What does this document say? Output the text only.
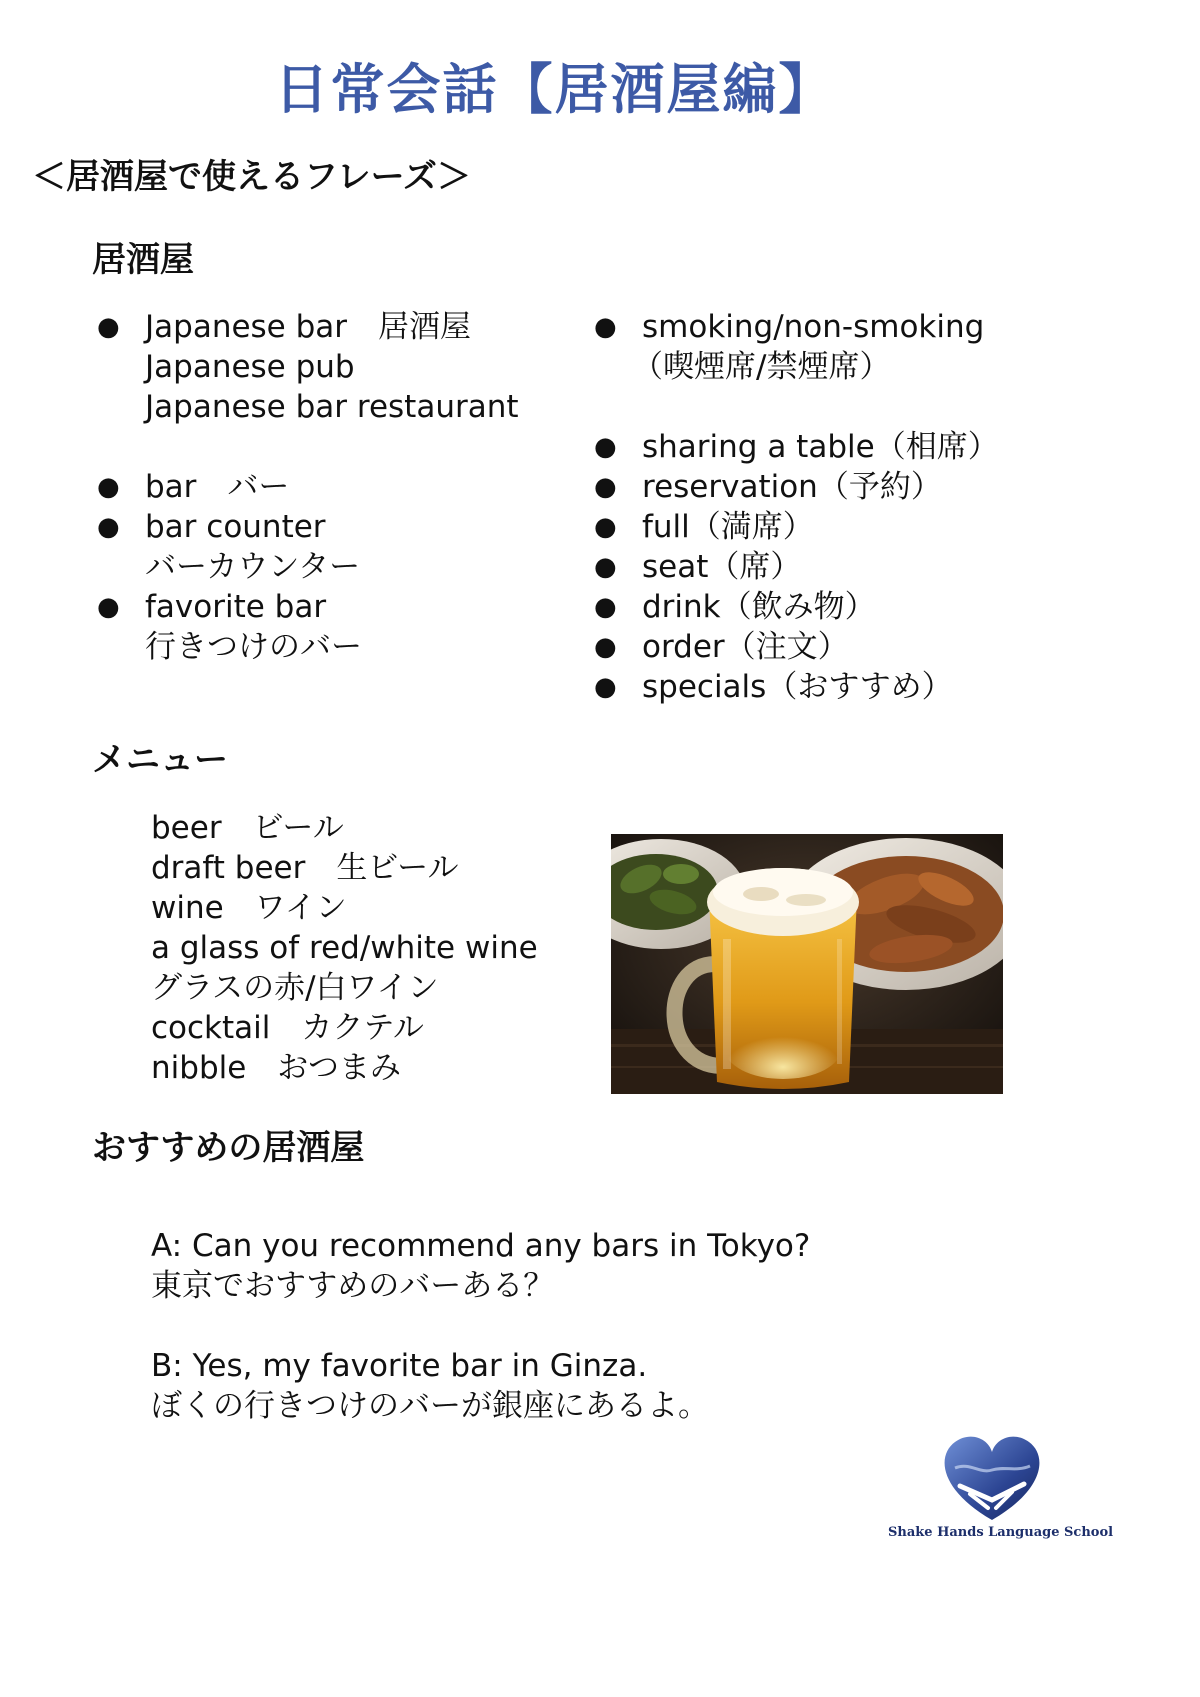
日常会話【居酒屋編】
＜居酒屋で使えるフレーズ＞
居酒屋
● Japanese bar　居酒屋
Japanese pub
Japanese bar restaurant
● bar　バー
● bar counter
バーカウンター
● favorite bar
行きつけのバー
● smoking/non-smoking
（喫煙席/禁煙席）
● sharing a table（相席）
● reservation（予約）
● full（満席）
● seat（席）
● drink（飲み物）
● order（注文）
● specials（おすすめ）
メニュー
beer　ビール
draft beer　生ビール
wine　ワイン
a glass of red/white wine
グラスの赤/白ワイン
cocktail　カクテル
nibble　おつまみ
おすすめの居酒屋
A: Can you recommend any bars in Tokyo?
東京でおすすめのバーある？
B: Yes, my favorite bar in Ginza.
ぼくの行きつけのバーが銀座にあるよ。
Shake Hands Language School
